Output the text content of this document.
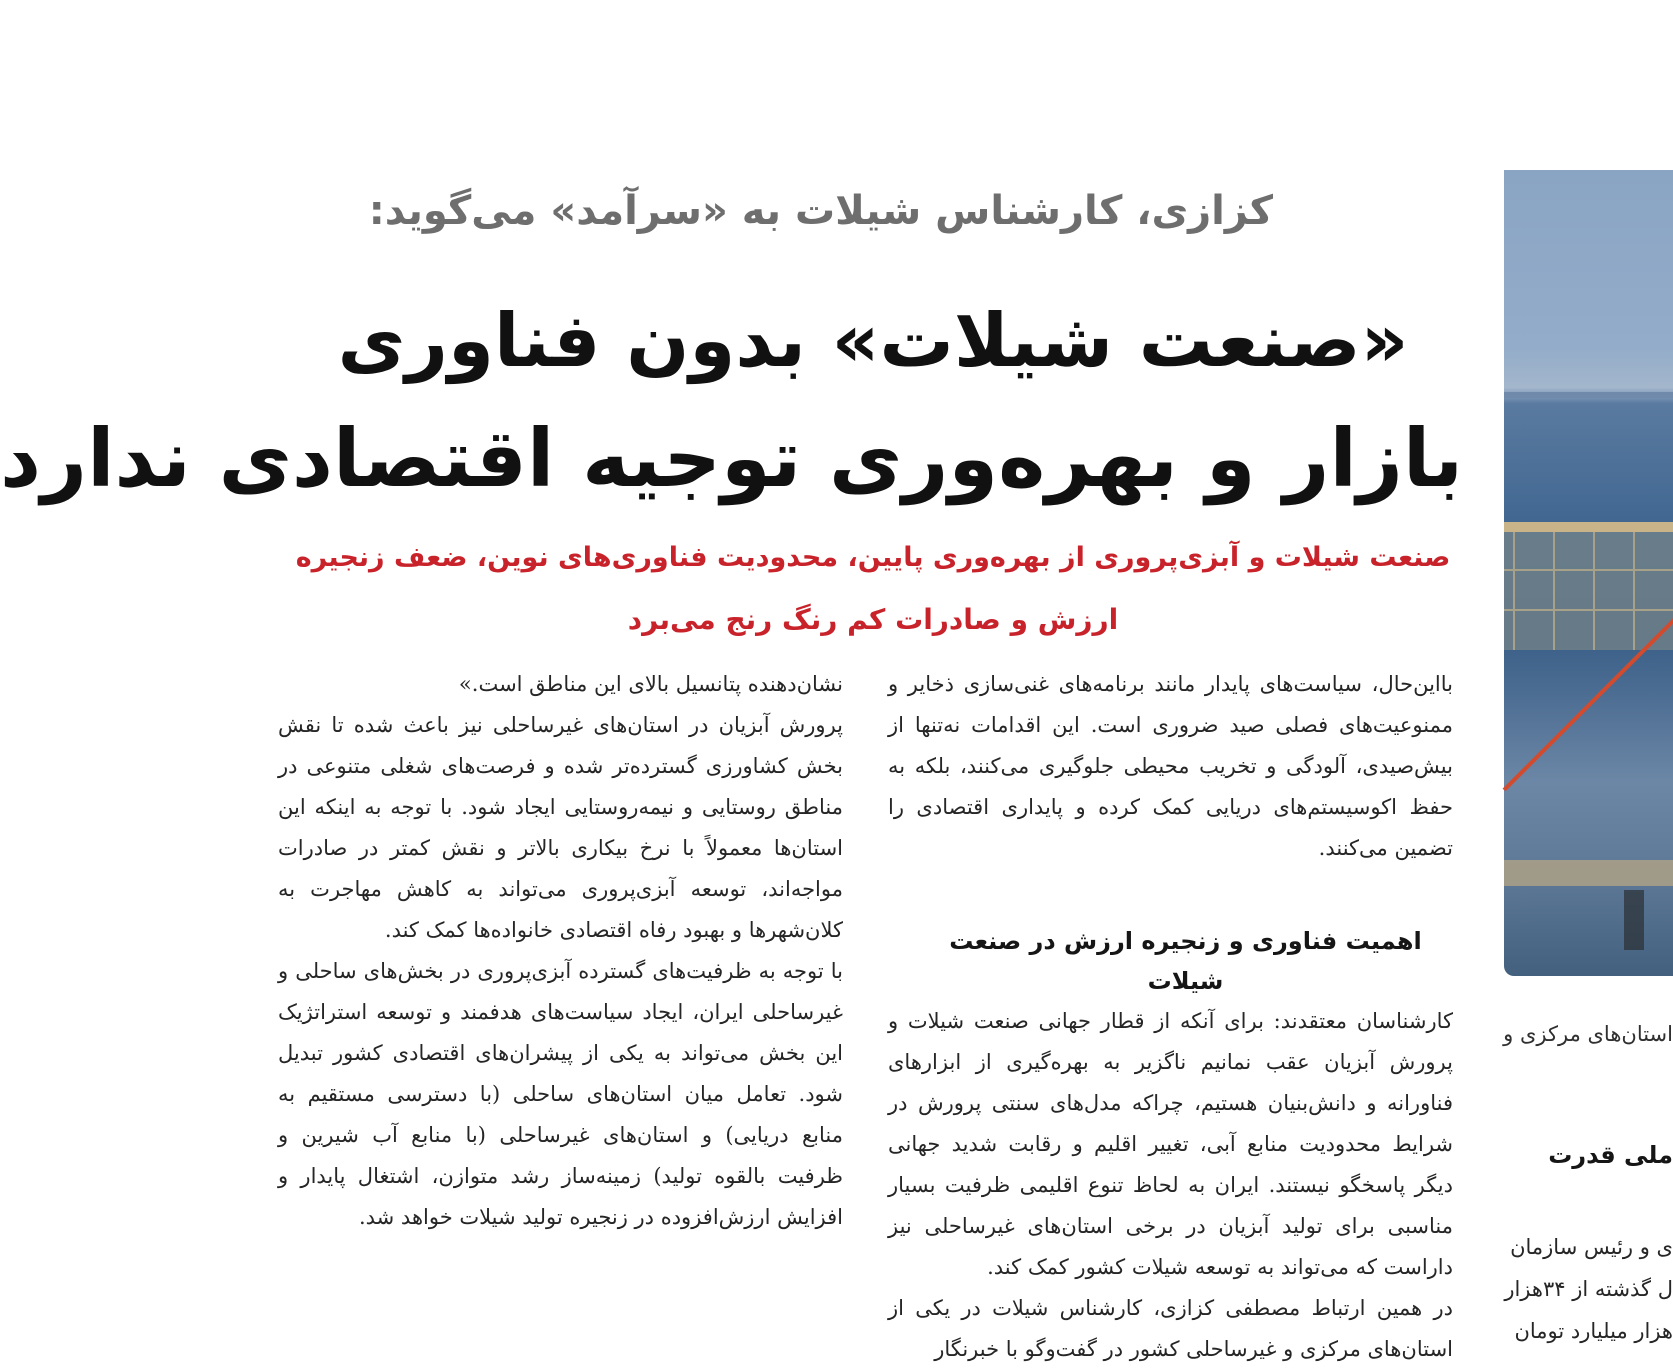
کزازی، کارشناس شیلات به «سرآمد» می‌گوید:
«صنعت شیلات» بدون فناوری
بازار و بهره‌وری توجیه اقتصادی ندارد
صنعت شیلات و آبزی‌پروری از بهره‌وری پایین، محدودیت فناوری‌های نوین، ضعف زنجیره
ارزش و صادرات کم رنگ رنج می‌برد

بااین‌حال، سیاست‌های پایدار مانند برنامه‌های غنی‌سازی ذخایر و ممنوعیت‌های فصلی صید ضروری است. این اقدامات نه‌تنها از بیش‌صیدی، آلودگی و تخریب محیطی جلوگیری می‌کنند، بلکه به حفظ اکوسیستم‌های دریایی کمک کرده و پایداری اقتصادی را تضمین می‌کنند.

اهمیت فناوری و زنجیره ارزش در صنعت شیلات

کارشناسان معتقدند: برای آنکه از قطار جهانی صنعت شیلات و پرورش آبزیان عقب نمانیم ناگزیر به بهره‌گیری از ابزارهای فناورانه و دانش‌بنیان هستیم، چراکه مدل‌های سنتی پرورش در شرایط محدودیت منابع آبی، تغییر اقلیم و رقابت شدید جهانی دیگر پاسخگو نیستند. ایران به لحاظ تنوع اقلیمی ظرفیت بسیار مناسبی برای تولید آبزیان در برخی استان‌های غیرساحلی نیز داراست که می‌تواند به توسعه شیلات کشور کمک کند.

در همین ارتباط مصطفی کزازی، کارشناس شیلات در یکی از استان‌های مرکزی و غیرساحلی کشور در گفت‌وگو با خبرنگار

نشان‌دهنده پتانسیل بالای این مناطق است.»

پرورش آبزیان در استان‌های غیرساحلی نیز باعث شده تا نقش بخش کشاورزی گسترده‌تر شده و فرصت‌های شغلی متنوعی در مناطق روستایی و نیمه‌روستایی ایجاد شود. با توجه به اینکه این استان‌ها معمولاً با نرخ بیکاری بالاتر و نقش کمتر در صادرات مواجه‌اند، توسعه آبزی‌پروری می‌تواند به کاهش مهاجرت به کلان‌شهرها و بهبود رفاه اقتصادی خانواده‌ها کمک کند.

با توجه به ظرفیت‌های گسترده آبزی‌پروری در بخش‌های ساحلی و غیرساحلی ایران، ایجاد سیاست‌های هدفمند و توسعه استراتژیک این بخش می‌تواند به یکی از پیشران‌های اقتصادی کشور تبدیل شود. تعامل میان استان‌های ساحلی (با دسترسی مستقیم به منابع دریایی) و استان‌های غیرساحلی (با منابع آب شیرین و ظرفیت بالقوه تولید) زمینه‌ساز رشد متوازن، اشتغال پایدار و افزایش ارزش‌افزوده در زنجیره تولید شیلات خواهد شد.

استان‌های مرکزی و
ملی قدرت
ی و رئیس سازمان
ل گذشته از ۳۴هزار
هزار میلیارد تومان
